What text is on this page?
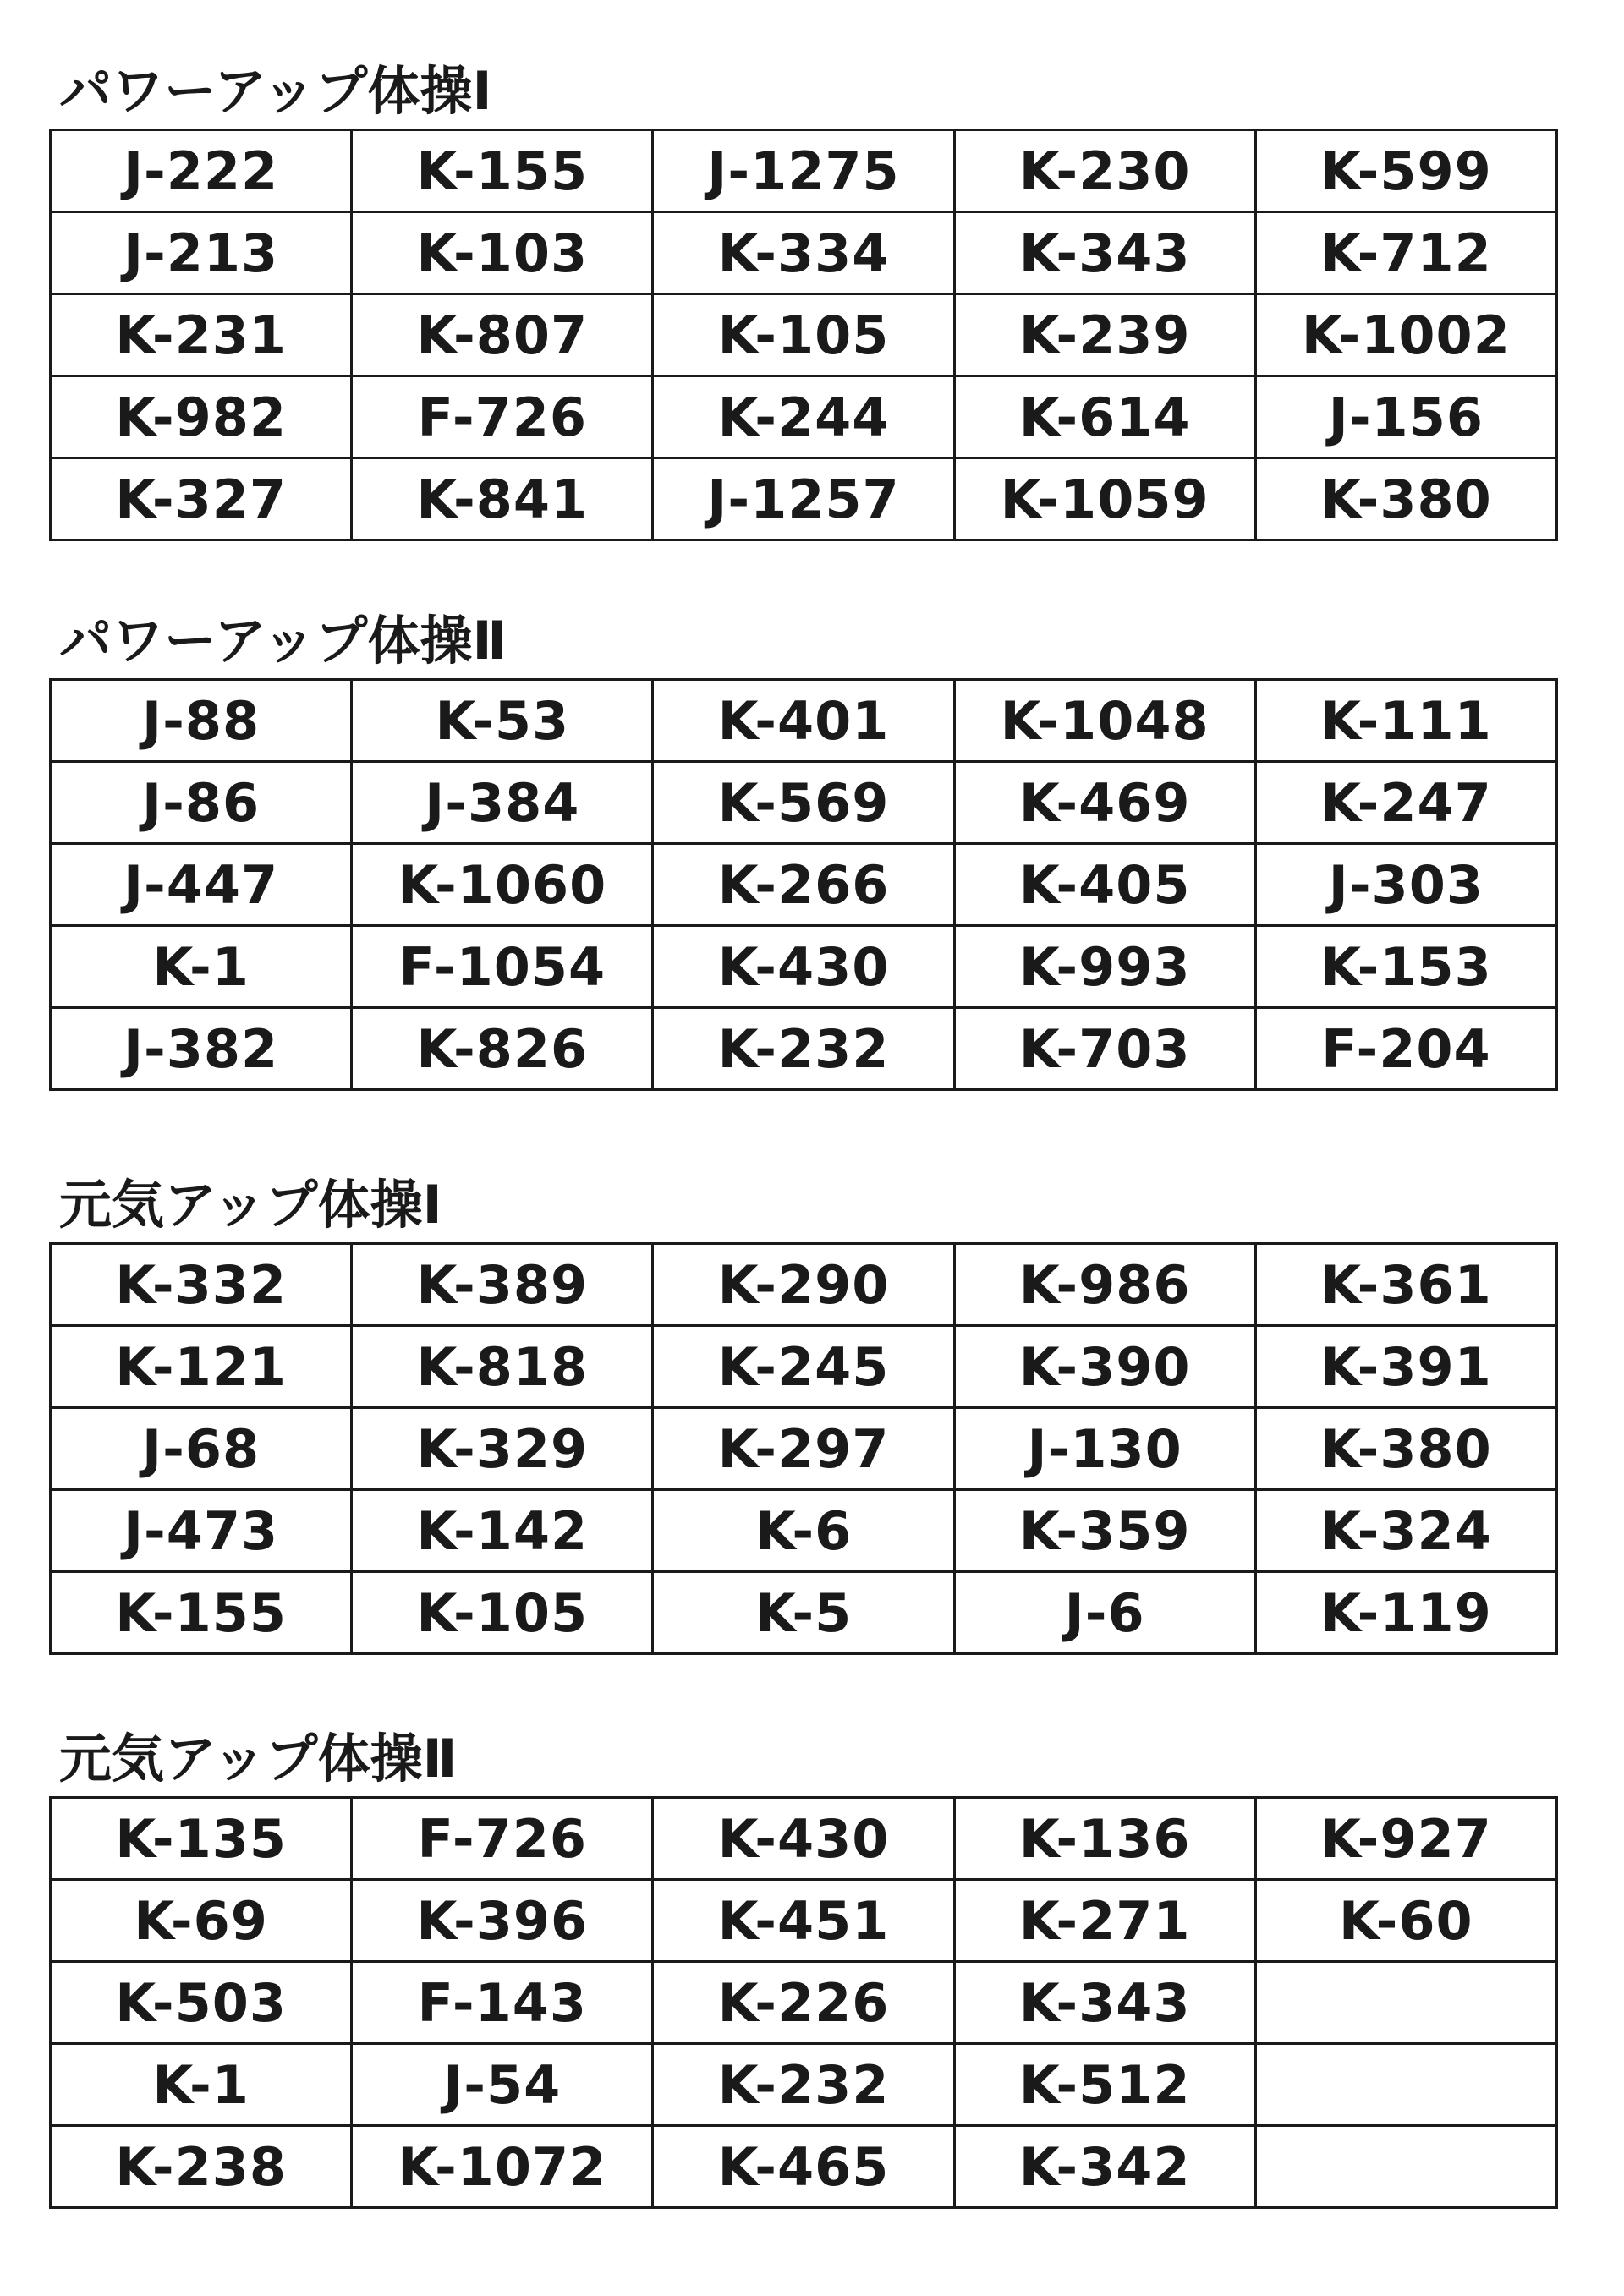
パワーアップ体操Ⅰ
J-222	K-155	J-1275	K-230	K-599
J-213	K-103	K-334	K-343	K-712
K-231	K-807	K-105	K-239	K-1002
K-982	F-726	K-244	K-614	J-156
K-327	K-841	J-1257	K-1059	K-380
パワーアップ体操Ⅱ
J-88	K-53	K-401	K-1048	K-111
J-86	J-384	K-569	K-469	K-247
J-447	K-1060	K-266	K-405	J-303
K-1	F-1054	K-430	K-993	K-153
J-382	K-826	K-232	K-703	F-204
元気アップ体操Ⅰ
K-332	K-389	K-290	K-986	K-361
K-121	K-818	K-245	K-390	K-391
J-68	K-329	K-297	J-130	K-380
J-473	K-142	K-6	K-359	K-324
K-155	K-105	K-5	J-6	K-119
元気アップ体操Ⅱ
K-135	F-726	K-430	K-136	K-927
K-69	K-396	K-451	K-271	K-60
K-503	F-143	K-226	K-343	
K-1	J-54	K-232	K-512	
K-238	K-1072	K-465	K-342	
